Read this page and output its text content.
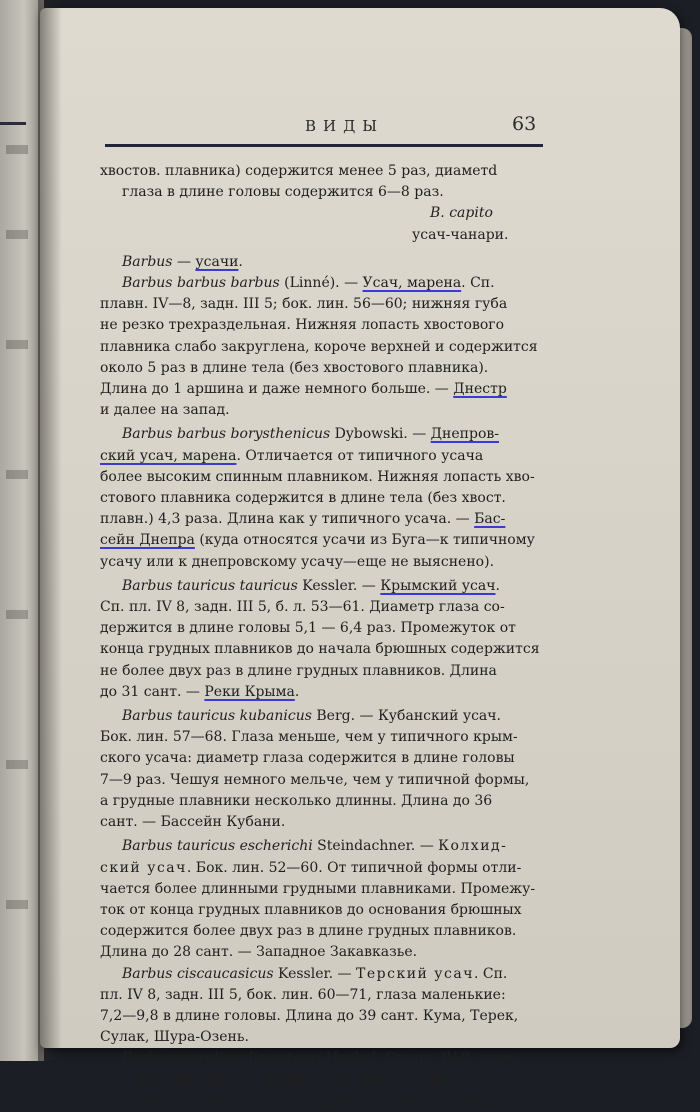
ВИДЫ	63
хвостов. плавника) содержится менее 5 раз, диаметd
глаза в длине головы содержится 6—8 раз.
B. capito
усач-чанари.
Barbus — усачи.
Barbus barbus barbus (Linné). — Усач, марена. Сп.
плавн. IV—8, задн. III 5; бок. лин. 56—60; нижняя губа
не резко трехраздельная. Нижняя лопасть хвостового
плавника слабо закруглена, короче верхней и содержится
около 5 раз в длине тела (без хвостового плавника).
Длина до 1 аршина и даже немного больше. — Днестр
и далее на запад.
Barbus barbus borysthenicus Dybowski. — Днепров-
ский усач, марена. Отличается от типичного усача
более высоким спинным плавником. Нижняя лопасть хво-
стового плавника содержится в длине тела (без хвост.
плавн.) 4,3 раза. Длина как у типичного усача. — Бас-
сейн Днепра (куда относятся усачи из Буга—к типичному
усачу или к днепровскому усачу—еще не выяснено).
Barbus tauricus tauricus Kessler. — Крымский усач.
Сп. пл. IV 8, задн. III 5, б. л. 53—61. Диаметр глаза со-
держится в длине головы 5,1 — 6,4 раз. Промежуток от
конца грудных плавников до начала брюшных содержится
не более двух раз в длине грудных плавников. Длина
до 31 сант. — Реки Крыма.
Barbus tauricus kubanicus Berg. — Кубанский усач.
Бок. лин. 57—68. Глаза меньше, чем у типичного крым-
ского усача: диаметр глаза содержится в длине головы
7—9 раз. Чешуя немного мельче, чем у типичной формы,
а грудные плавники несколько длинны. Длина до 36
сант. — Бассейн Кубани.
Barbus tauricus escherichi Steindachner. — Колхид-
ский усач. Бок. лин. 52—60. От типичной формы отли-
чается более длинными грудными плавниками. Промежу-
ток от конца грудных плавников до основания брюшных
содержится более двух раз в длине грудных плавников.
Длина до 28 сант. — Западное Закавказье.
Barbus ciscaucasicus Kessler. — Терский усач. Сп.
пл. IV 8, задн. III 5, бок. лин. 60—71, глаза маленькие:
7,2—9,8 в длине головы. Длина до 39 сант. Кума, Терек,
Сулак, Шура-Озень.
Barbus meridionalis petenyi Heckel. Сп. пл. IV 8, задн.
II 5; бок. лин. 48—60. Длина до 28 сант. — Днестр. (Ти-
пичный Barbus meridionalis водится в южной Франции)
